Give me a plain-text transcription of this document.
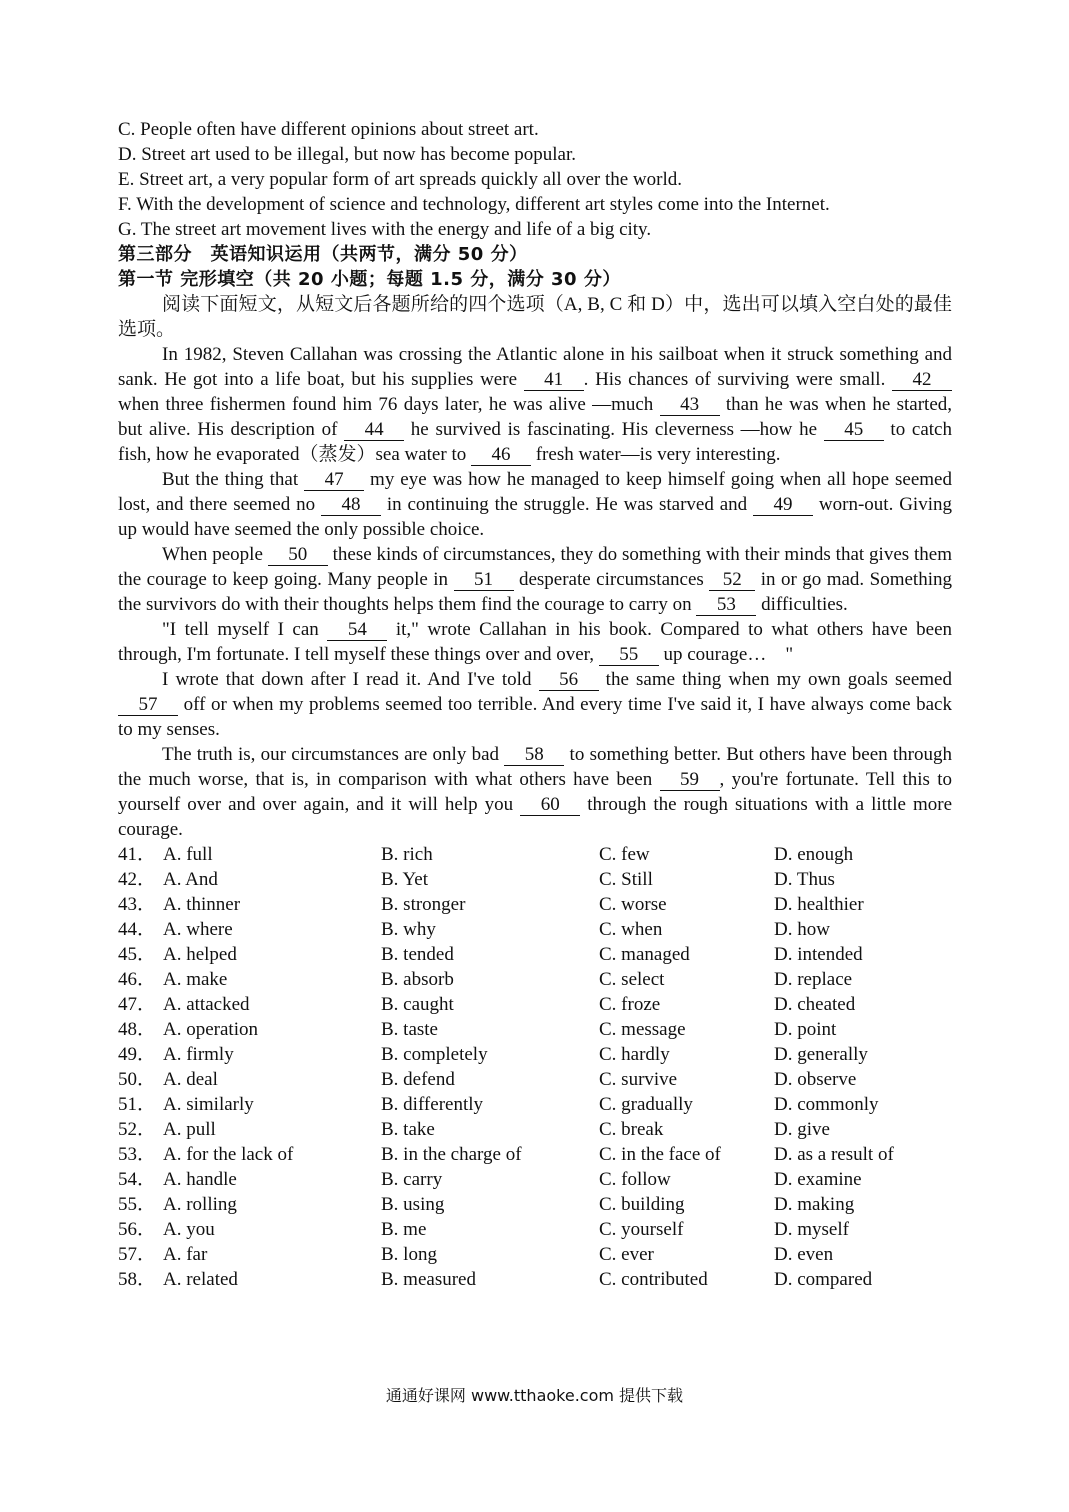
C. People often have different opinions about street art.
D. Street art used to be illegal, but now has become popular.
E. Street art, a very popular form of art spreads quickly all over the world.
F. With the development of science and technology, different art styles come into the Internet.
G. The street art movement lives with the energy and life of a big city.
第三部分　英语知识运用（共两节，满分 50 分）
第一节 完形填空（共 20 小题；每题 1.5 分，满分 30 分）

阅读下面短文，从短文后各题所给的四个选项（A, B, C 和 D）中，选出可以填入空白处的最佳选项。

In 1982, Steven Callahan was crossing the Atlantic alone in his sailboat when it struck something and sank. He got into a life boat, but his supplies were 41 . His chances of surviving were small. 42 when three fishermen found him 76 days later, he was alive —much 43 than he was when he started, but alive. His description of 44 he survived is fascinating. His cleverness —how he 45 to catch fish, how he evaporated（蒸发）sea water to 46 fresh water—is very interesting.

But the thing that 47 my eye was how he managed to keep himself going when all hope seemed lost, and there seemed no 48 in continuing the struggle. He was starved and 49 worn-out. Giving up would have seemed the only possible choice.

When people 50 these kinds of circumstances, they do something with their minds that gives them the courage to keep going. Many people in 51 desperate circumstances 52 in or go mad. Something the survivors do with their thoughts helps them find the courage to carry on 53 difficulties.

"I tell myself I can 54 it," wrote Callahan in his book. Compared to what others have been through, I'm fortunate. I tell myself these things over and over, 55 up courage…　"

I wrote that down after I read it. And I've told 56 the same thing when my own goals seemed 57 off or when my problems seemed too terrible. And every time I've said it, I have always come back to my senses.

The truth is, our circumstances are only bad 58 to something better. But others have been through the much worse, that is, in comparison with what others have been 59 , you're fortunate. Tell this to yourself over and over again, and it will help you 60 through the rough situations with a little more courage.

41． A. full	B. rich	C. few	D. enough
42． A. And	B. Yet	C. Still	D. Thus
43． A. thinner	B. stronger	C. worse	D. healthier
44． A. where	B. why	C. when	D. how
45． A. helped	B. tended	C. managed	D. intended
46． A. make	B. absorb	C. select	D. replace
47． A. attacked	B. caught	C. froze	D. cheated
48． A. operation	B. taste	C. message	D. point
49． A. firmly	B. completely	C. hardly	D. generally
50． A. deal	B. defend	C. survive	D. observe
51． A. similarly	B. differently	C. gradually	D. commonly
52． A. pull	B. take	C. break	D. give
53． A. for the lack of	B. in the charge of	C. in the face of	D. as a result of
54． A. handle	B. carry	C. follow	D. examine
55． A. rolling	B. using	C. building	D. making
56． A. you	B. me	C. yourself	D. myself
57． A. far	B. long	C. ever	D. even
58． A. related	B. measured	C. contributed	D. compared
通通好课网 www.tthaoke.com 提供下载
